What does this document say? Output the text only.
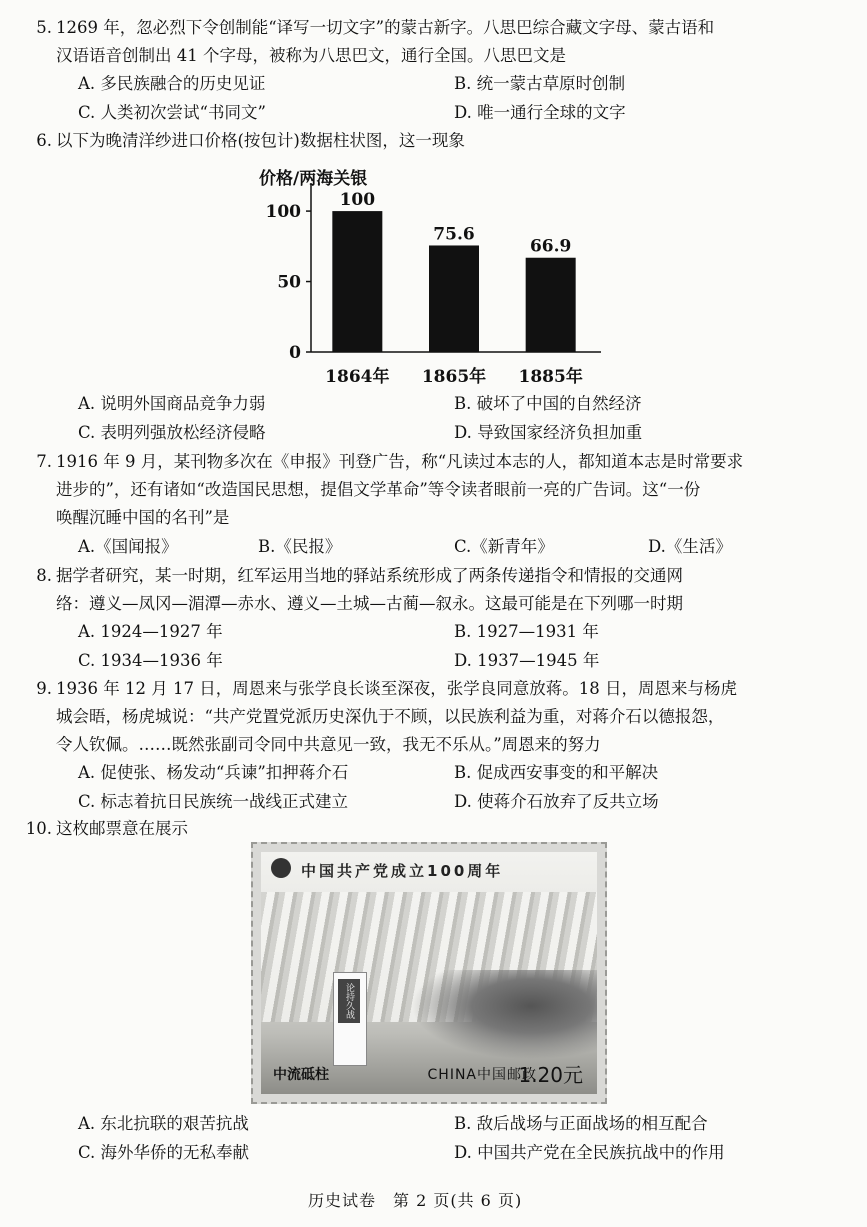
5. 1269 年，忽必烈下令创制能“译写一切文字”的蒙古新字。八思巴综合藏文字母、蒙古语和
汉语语音创制出 41 个字母，被称为八思巴文，通行全国。八思巴文是
A. 多民族融合的历史见证	B. 统一蒙古草原时创制
C. 人类初次尝试“书同文”	D. 唯一通行全球的文字
6. 以下为晚清洋纱进口价格(按包计)数据柱状图，这一现象
价格/两海关银
0
50
100
100
1864年
75.6
1865年
66.9
1885年
A. 说明外国商品竞争力弱	B. 破坏了中国的自然经济
C. 表明列强放松经济侵略	D. 导致国家经济负担加重
7. 1916 年 9 月，某刊物多次在《申报》刊登广告，称“凡读过本志的人，都知道本志是时常要求
进步的”，还有诸如“改造国民思想，提倡文学革命”等令读者眼前一亮的广告词。这“一份
唤醒沉睡中国的名刊”是
A.《国闻报》	B.《民报》	C.《新青年》	D.《生活》
8. 据学者研究，某一时期，红军运用当地的驿站系统形成了两条传递指令和情报的交通网
络：遵义—凤冈—湄潭—赤水、遵义—土城—古蔺—叙永。这最可能是在下列哪一时期
A. 1924—1927 年	B. 1927—1931 年
C. 1934—1936 年	D. 1937—1945 年
9. 1936 年 12 月 17 日，周恩来与张学良长谈至深夜，张学良同意放蒋。18 日，周恩来与杨虎
城会晤，杨虎城说：“共产党置党派历史深仇于不顾，以民族利益为重，对蒋介石以德报怨，
令人钦佩。……既然张副司令同中共意见一致，我无不乐从。”周恩来的努力
A. 促使张、杨发动“兵谏”扣押蒋介石	B. 促成西安事变的和平解决
C. 标志着抗日民族统一战线正式建立	D. 使蒋介石放弃了反共立场
10. 这枚邮票意在展示
中国共产党成立100周年
论持久战
中流砥柱	CHINA中国邮政
1.20元
A. 东北抗联的艰苦抗战	B. 敌后战场与正面战场的相互配合
C. 海外华侨的无私奉献	D. 中国共产党在全民族抗战中的作用
历史试卷　第 2 页(共 6 页)
